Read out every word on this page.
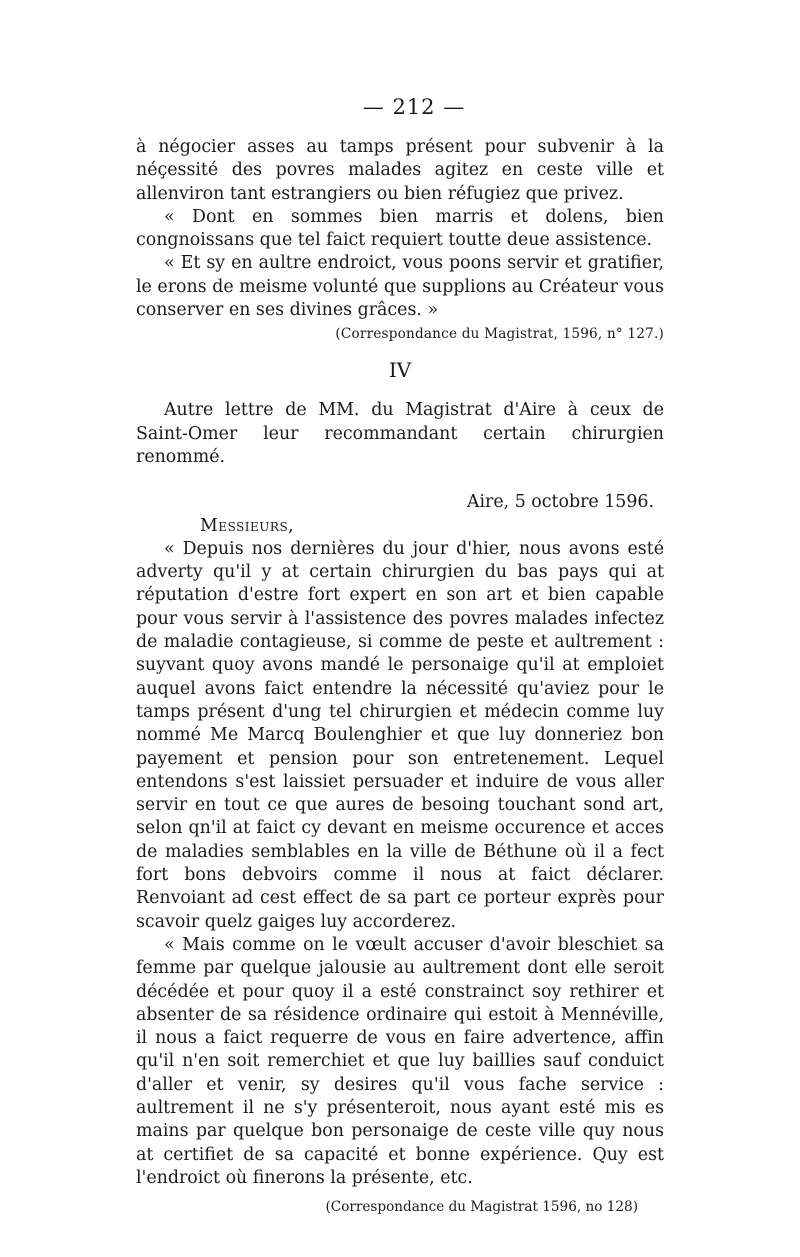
— 212 —

à négocier asses au tamps présent pour subvenir à la néçessité des povres malades agitez en ceste ville et allenviron tant estrangiers ou bien réfugiez que privez.

« Dont en sommes bien marris et dolens, bien congnoissans que tel faict requiert toutte deue assistence.

« Et sy en aultre endroict, vous poons servir et gratifier, le erons de meisme volunté que supplions au Créateur vous conserver en ses divines grâces. »

(Correspondance du Magistrat, 1596, n° 127.)
IV

Autre lettre de MM. du Magistrat d'Aire à ceux de Saint-Omer leur recommandant certain chirurgien renommé.

Aire, 5 octobre 1596.
Messieurs,

« Depuis nos dernières du jour d'hier, nous avons esté adverty qu'il y at certain chirurgien du bas pays qui at réputation d'estre fort expert en son art et bien capable pour vous servir à l'assistence des povres malades infectez de maladie contagieuse, si comme de peste et aultrement : suyvant quoy avons mandé le personaige qu'il at emploiet auquel avons faict entendre la nécessité qu'aviez pour le tamps présent d'ung tel chirurgien et médecin comme luy nommé Me Marcq Boulenghier et que luy donneriez bon payement et pension pour son entretenement. Lequel entendons s'est laissiet persuader et induire de vous aller servir en tout ce que aures de besoing touchant sond art, selon qn'il at faict cy devant en meisme occurence et acces de maladies semblables en la ville de Béthune où il a fect fort bons debvoirs comme il nous at faict déclarer. Renvoiant ad cest effect de sa part ce porteur exprès pour scavoir quelz gaiges luy accorderez.

« Mais comme on le vœult accuser d'avoir bleschiet sa femme par quelque jalousie au aultrement dont elle seroit décédée et pour quoy il a esté constrainct soy rethirer et absenter de sa résidence ordinaire qui estoit à Mennéville, il nous a faict requerre de vous en faire advertence, affin qu'il n'en soit remerchiet et que luy baillies sauf conduict d'aller et venir, sy desires qu'il vous fache service : aultrement il ne s'y présenteroit, nous ayant esté mis es mains par quelque bon personaige de ceste ville quy nous at certifiet de sa capacité et bonne expérience. Quy est l'endroict où finerons la présente, etc.

(Correspondance du Magistrat 1596, no 128)
